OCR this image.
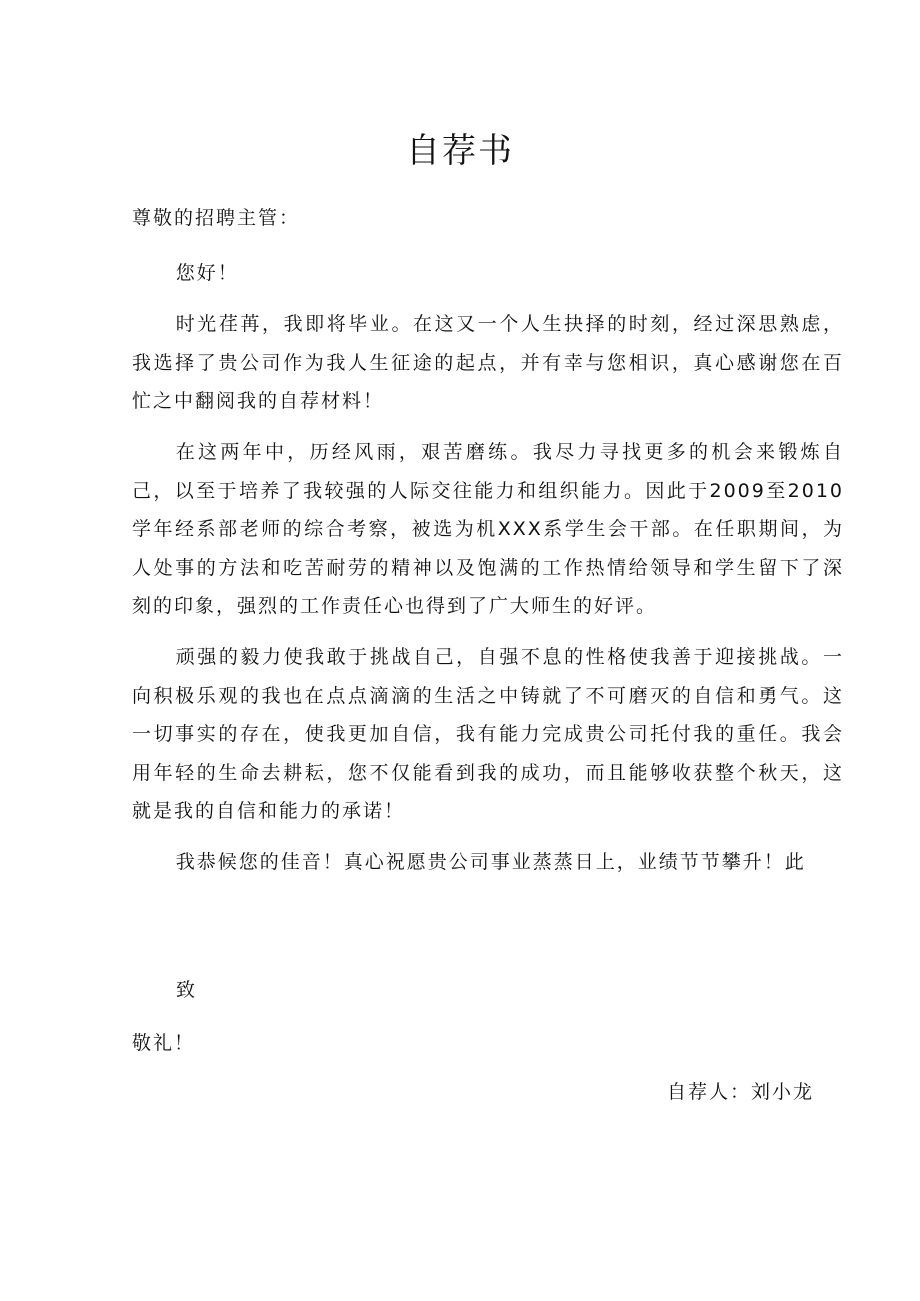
自荐书
尊敬的招聘主管：

您好！

时光荏苒，我即将毕业。在这又一个人生抉择的时刻，经过深思熟虑，我选择了贵公司作为我人生征途的起点，并有幸与您相识，真心感谢您在百忙之中翻阅我的自荐材料！

在这两年中，历经风雨，艰苦磨练。我尽力寻找更多的机会来锻炼自己，以至于培养了我较强的人际交往能力和组织能力。因此于2009至2010学年经系部老师的综合考察，被选为机XXX系学生会干部。在任职期间，为人处事的方法和吃苦耐劳的精神以及饱满的工作热情给领导和学生留下了深刻的印象，强烈的工作责任心也得到了广大师生的好评。

顽强的毅力使我敢于挑战自己，自强不息的性格使我善于迎接挑战。一向积极乐观的我也在点点滴滴的生活之中铸就了不可磨灭的自信和勇气。这一切事实的存在，使我更加自信，我有能力完成贵公司托付我的重任。我会用年轻的生命去耕耘，您不仅能看到我的成功，而且能够收获整个秋天，这就是我的自信和能力的承诺！

我恭候您的佳音！真心祝愿贵公司事业蒸蒸日上，业绩节节攀升！此

致
敬礼！
自荐人：刘小龙
